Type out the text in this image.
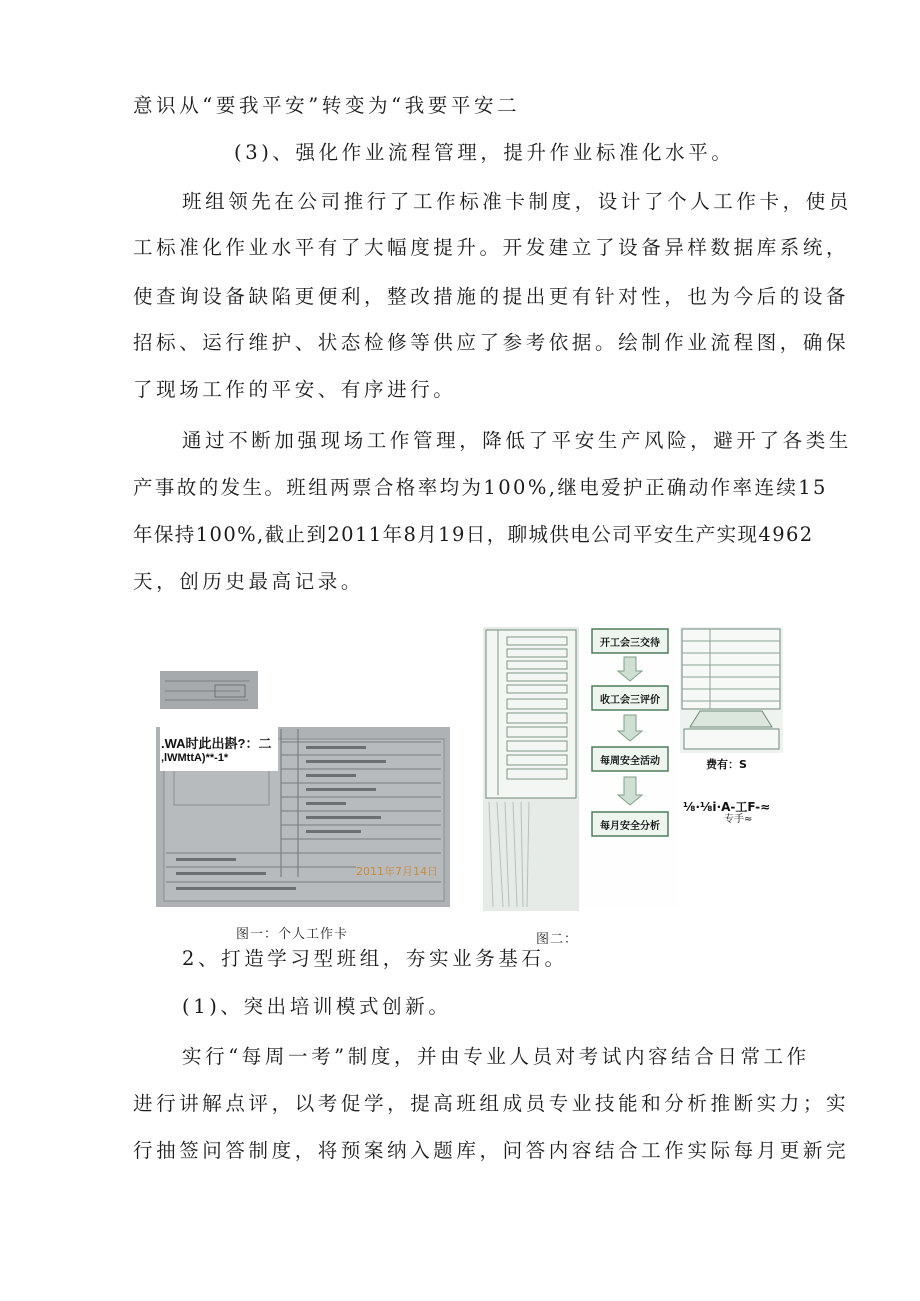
意识从“要我平安”转变为“我要平安二
(3)、强化作业流程管理，提升作业标准化水平。
班组领先在公司推行了工作标准卡制度，设计了个人工作卡，使员
工标准化作业水平有了大幅度提升。开发建立了设备异样数据库系统，
使查询设备缺陷更便利，整改措施的提出更有针对性，也为今后的设备
招标、运行维护、状态检修等供应了参考依据。绘制作业流程图，确保
了现场工作的平安、有序进行。
通过不断加强现场工作管理，降低了平安生产风险，避开了各类生
产事故的发生。班组两票合格率均为100%,继电爱护正确动作率连续15
年保持100%,截止到2011年8月19日，聊城供电公司平安生产实现4962
天，创历史最高记录。
2011年7月14日
.WA时此出斟?：二
,lWMttA)**-1*
图一：个人工作卡
开工会三交待
收工会三评价
每周安全活动
每月安全分析
费有：S
⅛∙⅛i∙A-工F-≈
专手≈
图二：
2、打造学习型班组，夯实业务基石。
(1)、突出培训模式创新。
实行“每周一考”制度，并由专业人员对考试内容结合日常工作
进行讲解点评，以考促学，提高班组成员专业技能和分析推断实力；实
行抽签问答制度，将预案纳入题库，问答内容结合工作实际每月更新完
